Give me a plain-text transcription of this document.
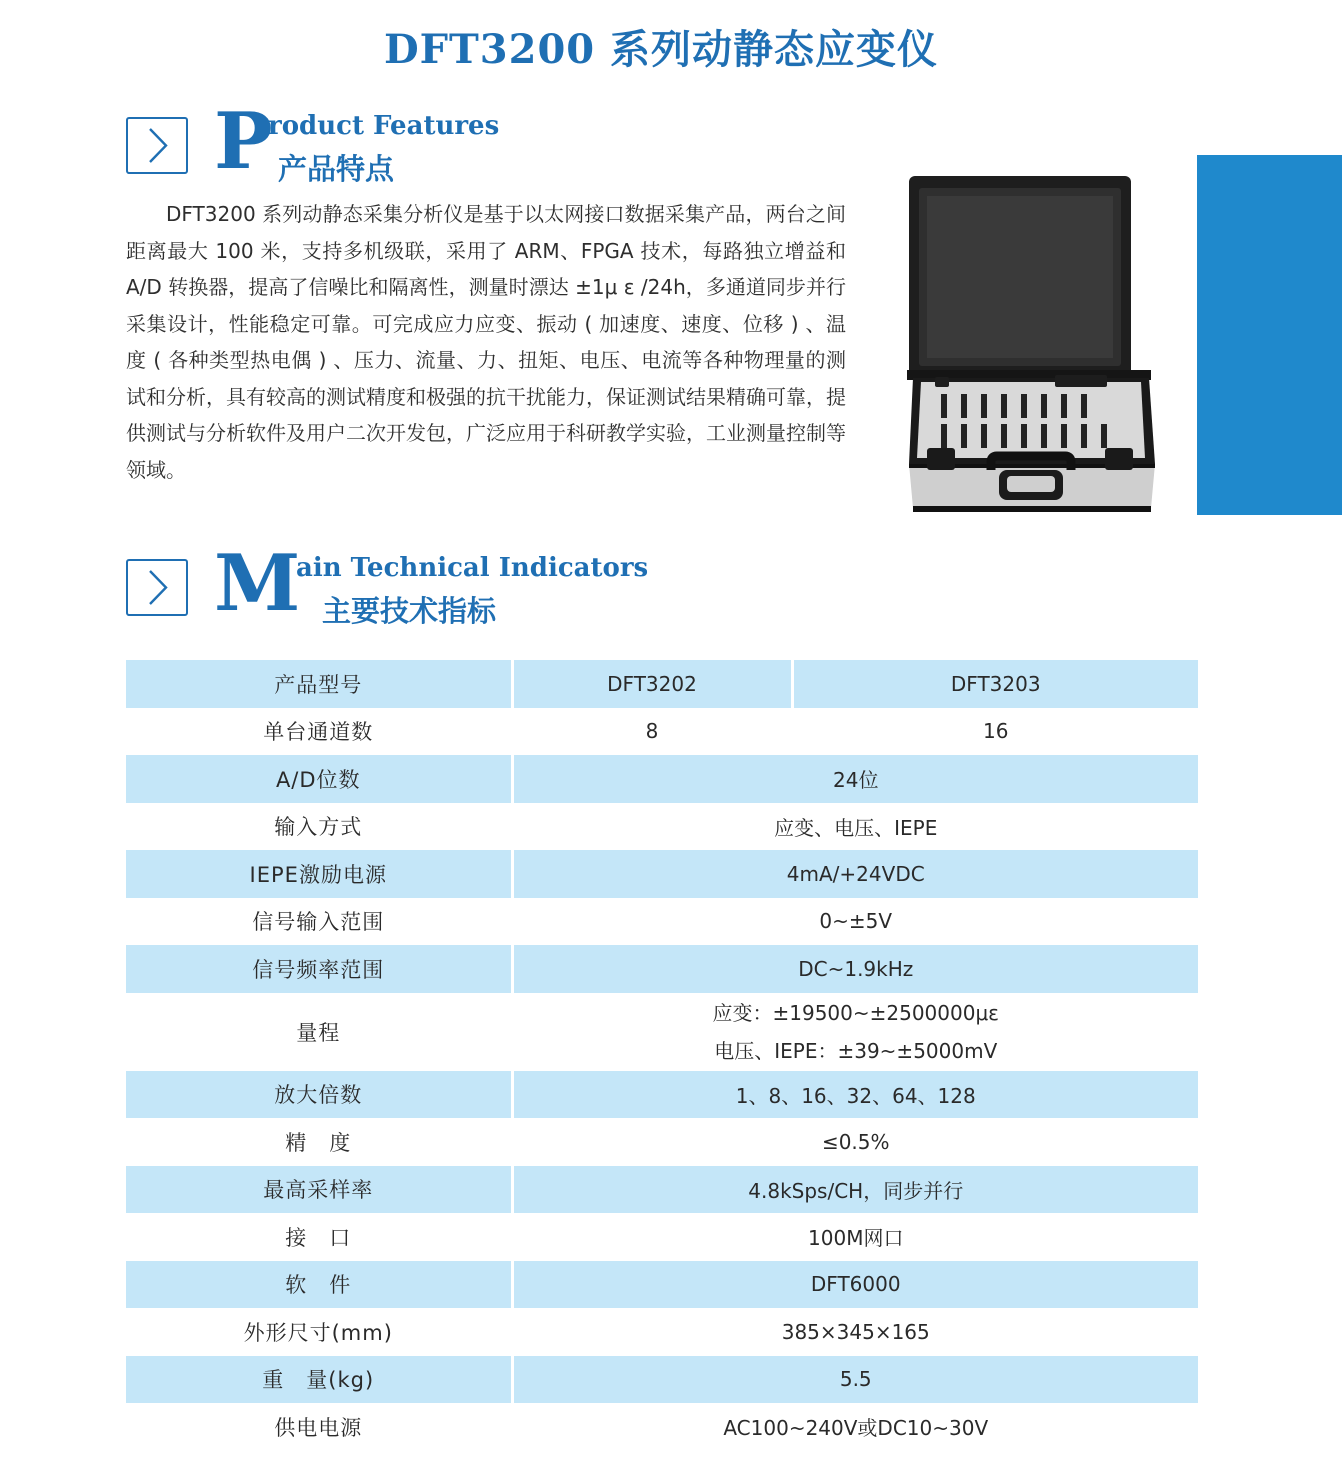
DFT3200 系列动静态应变仪
P
roduct Features
产品特点
DFT3200 系列动静态采集分析仪是基于以太网接口数据采集产品，两台之间距离最大 100 米，支持多机级联，采用了 ARM、FPGA 技术，每路独立增益和 A/D 转换器，提高了信噪比和隔离性，测量时漂达 ±1μ ε /24h，多通道同步并行采集设计，性能稳定可靠。可完成应力应变、振动 ( 加速度、速度、位移 ) 、温度 ( 各种类型热电偶 ) 、压力、流量、力、扭矩、电压、电流等各种物理量的测试和分析，具有较高的测试精度和极强的抗干扰能力，保证测试结果精确可靠，提供测试与分析软件及用户二次开发包，广泛应用于科研教学实验，工业测量控制等领域。
M
ain Technical Indicators
主要技术指标
产品型号	DFT3202	DFT3203
单台通道数	8	16
A/D位数	24位	
输入方式	应变、电压、IEPE	
IEPE激励电源	4mA/+24VDC	
信号输入范围	0~±5V	
信号频率范围	DC~1.9kHz	
量程	应变：±19500~±2500000με
电压、IEPE：±39~±5000mV	

放大倍数	1、8、16、32、64、128	
精　度	≤0.5%	
最高采样率	4.8kSps/CH，同步并行	
接　口	100M网口	
软　件	DFT6000	
外形尺寸(mm)	385×345×165	
重　量(kg)	5.5	
供电电源	AC100~240V或DC10~30V	
